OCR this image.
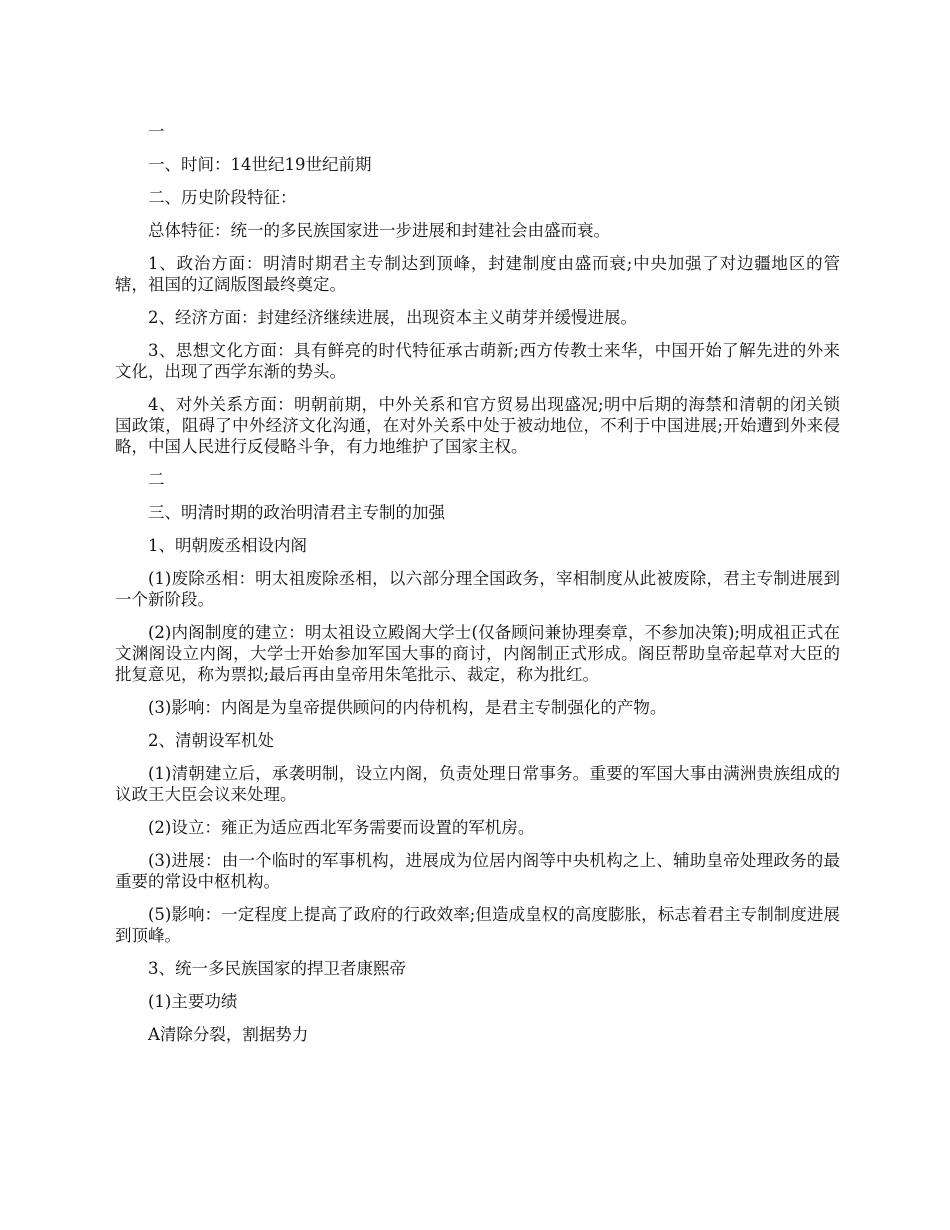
一

一、时间：14世纪19世纪前期

二、历史阶段特征：

总体特征：统一的多民族国家进一步进展和封建社会由盛而衰。

1、政治方面：明清时期君主专制达到顶峰，封建制度由盛而衰;中央加强了对边疆地区的管辖，祖国的辽阔版图最终奠定。

2、经济方面：封建经济继续进展，出现资本主义萌芽并缓慢进展。

3、思想文化方面：具有鲜亮的时代特征承古萌新;西方传教士来华，中国开始了解先进的外来文化，出现了西学东渐的势头。

4、对外关系方面：明朝前期，中外关系和官方贸易出现盛况;明中后期的海禁和清朝的闭关锁国政策，阻碍了中外经济文化沟通，在对外关系中处于被动地位，不利于中国进展;开始遭到外来侵略，中国人民进行反侵略斗争，有力地维护了国家主权。

二

三、明清时期的政治明清君主专制的加强

1、明朝废丞相设内阁

(1)废除丞相：明太祖废除丞相，以六部分理全国政务，宰相制度从此被废除，君主专制进展到一个新阶段。

(2)内阁制度的建立：明太祖设立殿阁大学士(仅备顾问兼协理奏章，不参加决策);明成祖正式在文渊阁设立内阁，大学士开始参加军国大事的商讨，内阁制正式形成。阁臣帮助皇帝起草对大臣的批复意见，称为票拟;最后再由皇帝用朱笔批示、裁定，称为批红。

(3)影响：内阁是为皇帝提供顾问的内侍机构，是君主专制强化的产物。

2、清朝设军机处

(1)清朝建立后，承袭明制，设立内阁，负责处理日常事务。重要的军国大事由满洲贵族组成的议政王大臣会议来处理。

(2)设立：雍正为适应西北军务需要而设置的军机房。

(3)进展：由一个临时的军事机构，进展成为位居内阁等中央机构之上、辅助皇帝处理政务的最重要的常设中枢机构。

(5)影响：一定程度上提高了政府的行政效率;但造成皇权的高度膨胀，标志着君主专制制度进展到顶峰。

3、统一多民族国家的捍卫者康熙帝

(1)主要功绩

A清除分裂，割据势力
